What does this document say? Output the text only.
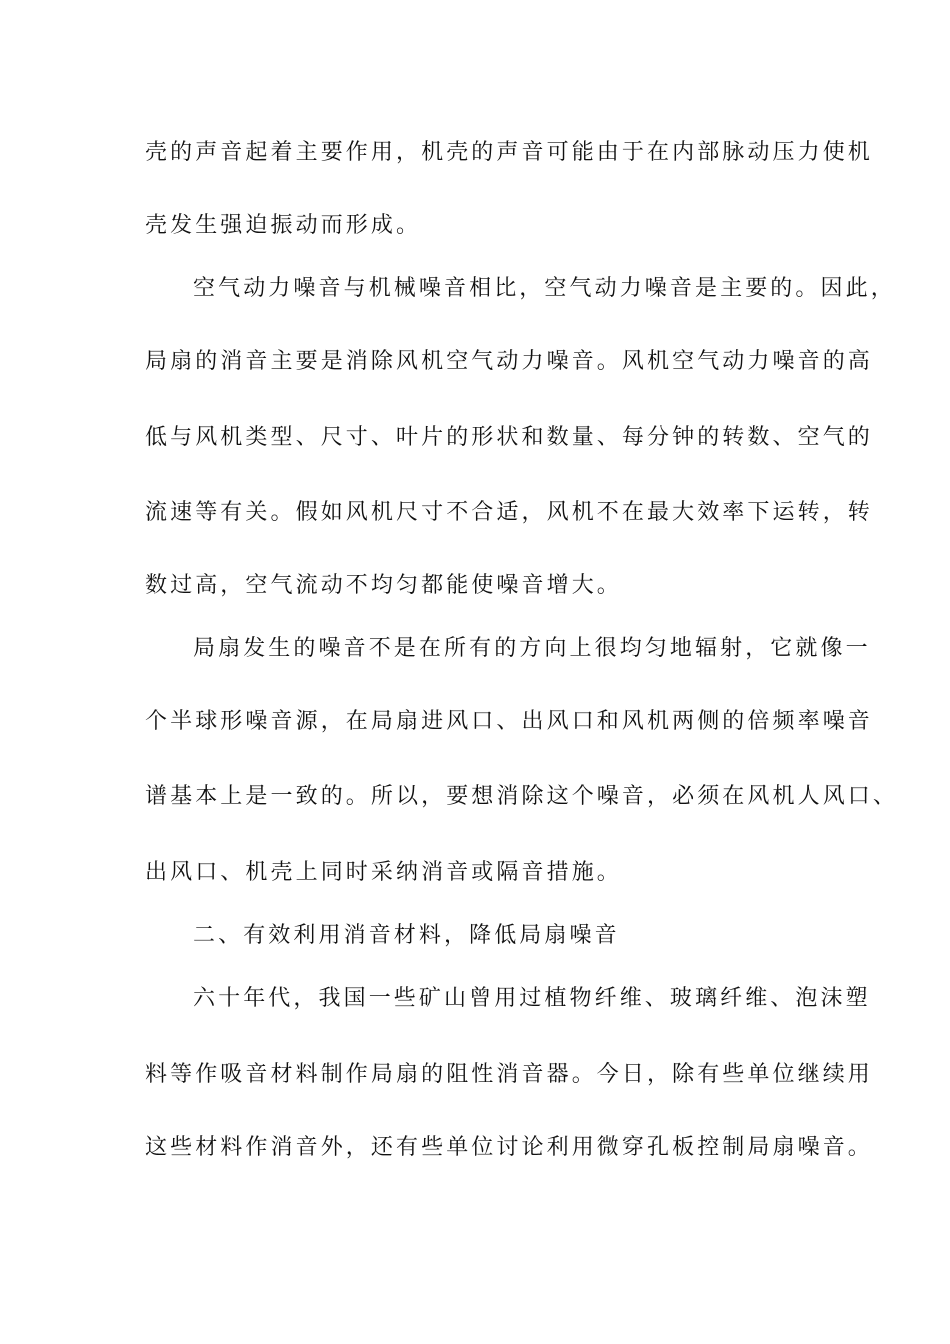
壳的声音起着主要作用，机壳的声音可能由于在内部脉动压力使机
壳发生强迫振动而形成。
空气动力噪音与机械噪音相比，空气动力噪音是主要的。因此，
局扇的消音主要是消除风机空气动力噪音。风机空气动力噪音的高
低与风机类型、尺寸、叶片的形状和数量、每分钟的转数、空气的
流速等有关。假如风机尺寸不合适，风机不在最大效率下运转，转
数过高，空气流动不均匀都能使噪音增大。
局扇发生的噪音不是在所有的方向上很均匀地辐射，它就像一
个半球形噪音源，在局扇进风口、出风口和风机两侧的倍频率噪音
谱基本上是一致的。所以，要想消除这个噪音，必须在风机人风口、
出风口、机壳上同时采纳消音或隔音措施。
二、有效利用消音材料，降低局扇噪音
六十年代，我国一些矿山曾用过植物纤维、玻璃纤维、泡沫塑
料等作吸音材料制作局扇的阻性消音器。今日，除有些单位继续用
这些材料作消音外，还有些单位讨论利用微穿孔板控制局扇噪音。
